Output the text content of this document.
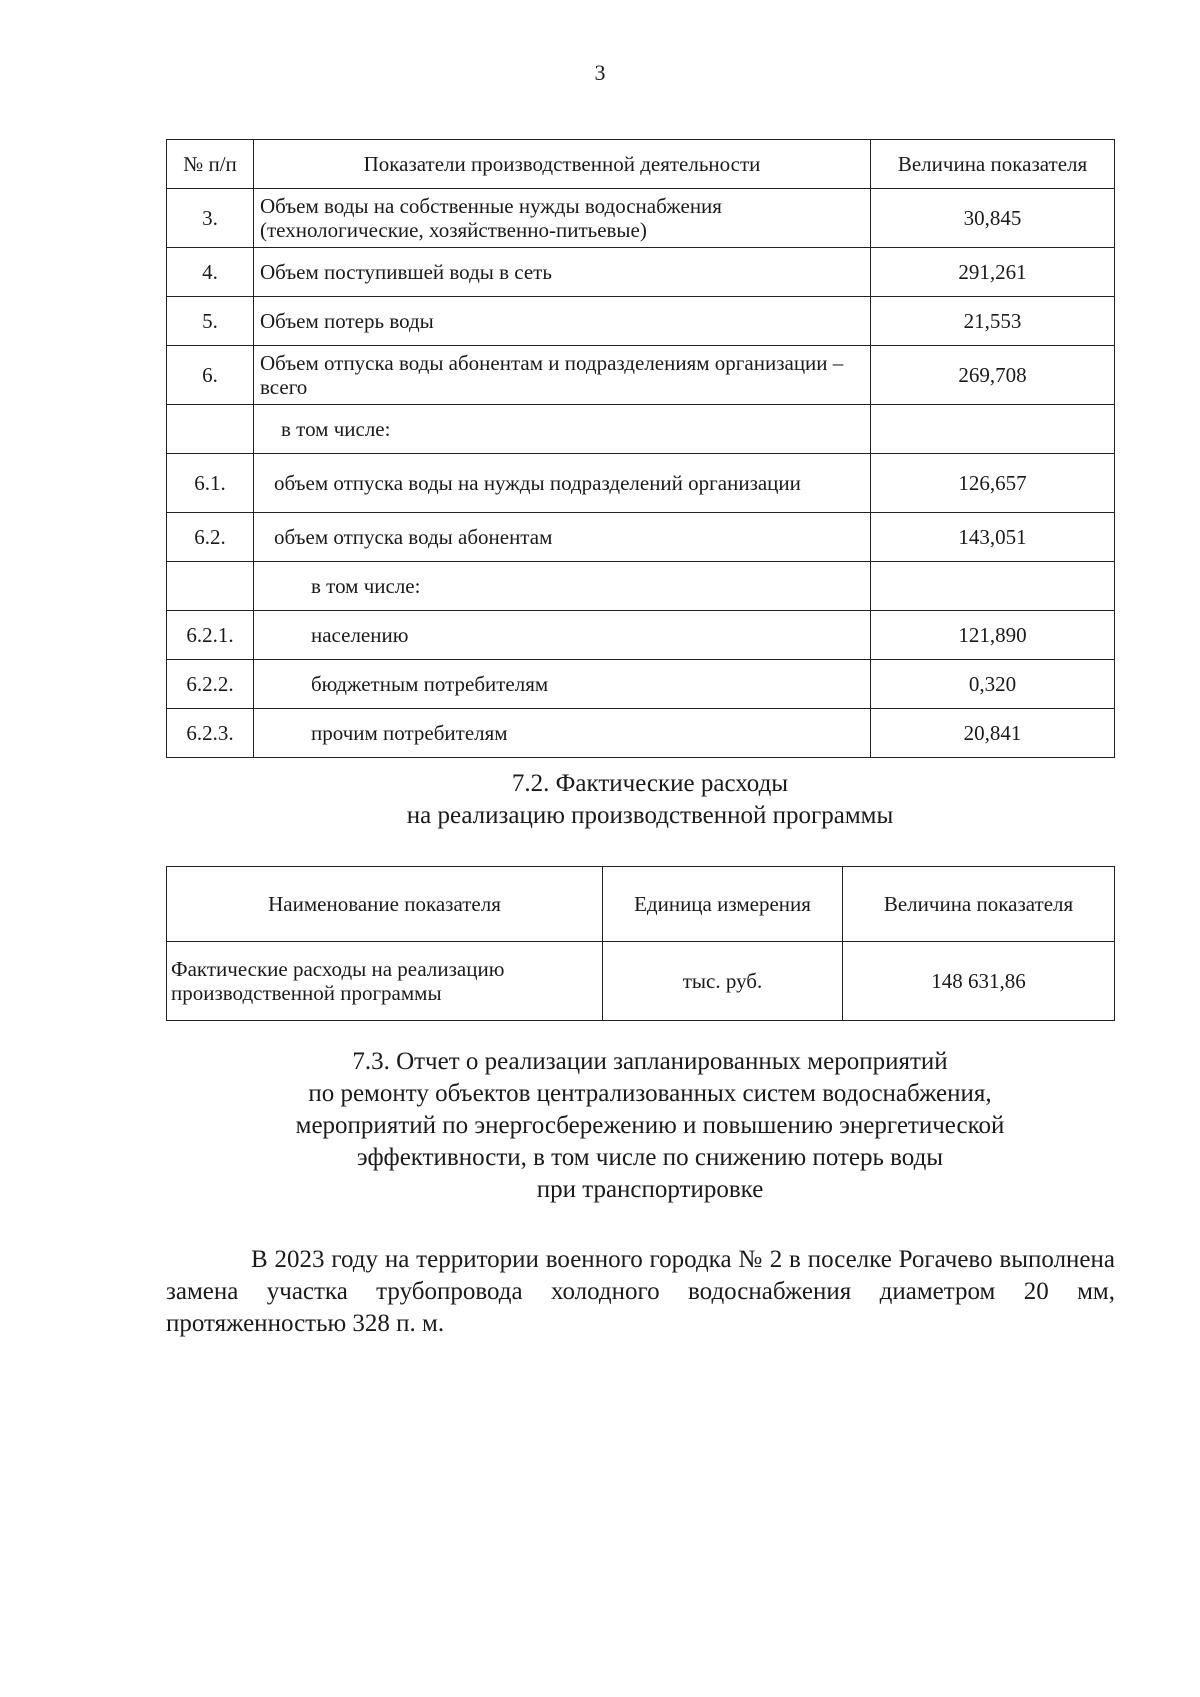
3
№ п/п	Показатели производственной деятельности	Величина показателя
3.	Объем воды на собственные нужды водоснабжения (технологические, хозяйственно-питьевые)	30,845
4.	Объем поступившей воды в сеть	291,261
5.	Объем потерь воды	21,553
6.	Объем отпуска воды абонентам и подразделениям организации – всего	269,708
	в том числе:	
6.1.	объем отпуска воды на нужды подразделений организации	126,657
6.2.	объем отпуска воды абонентам	143,051
	в том числе:	
6.2.1.	населению	121,890
6.2.2.	бюджетным потребителям	0,320
6.2.3.	прочим потребителям	20,841
7.2. Фактические расходы
на реализацию производственной программы
Наименование показателя	Единица измерения	Величина показателя
Фактические расходы на реализацию производственной программы	тыс. руб.	148 631,86
7.3. Отчет о реализации запланированных мероприятий
по ремонту объектов централизованных систем водоснабжения,
мероприятий по энергосбережению и повышению энергетической
эффективности, в том числе по снижению потерь воды
при транспортировке

В 2023 году на территории военного городка № 2 в поселке Рогачево выполнена замена участка трубопровода холодного водоснабжения диаметром 20 мм, протяженностью 328 п. м.
